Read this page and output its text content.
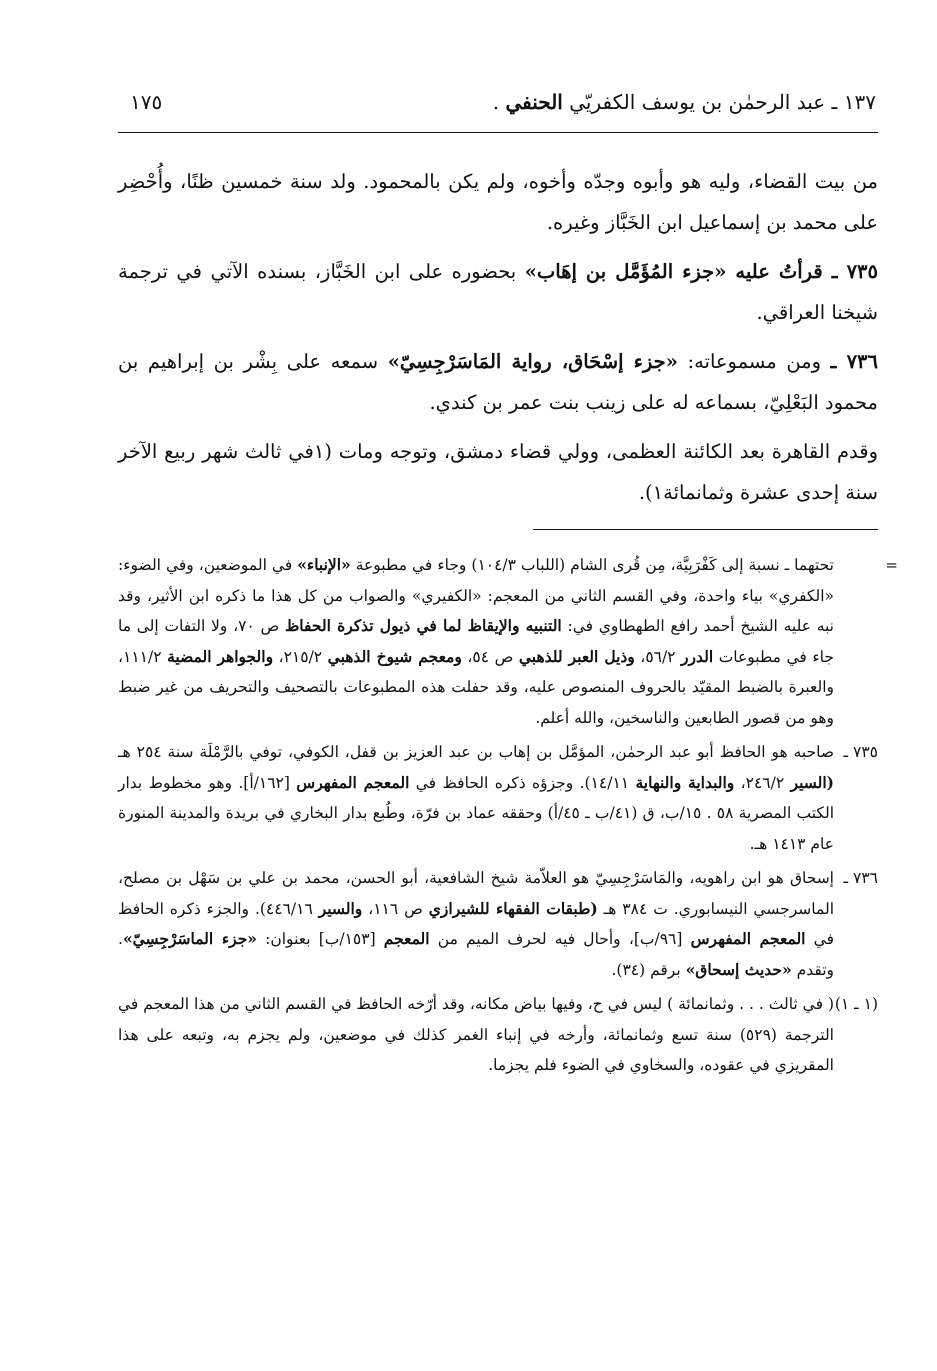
١٣٧ ـ عبد الرحمٰن بن يوسف الكفريّي الحنفي .
١٧٥

من بيت القضاء، وليه هو وأبوه وجدّه وأخوه، ولم يكن بالمحمود. ولد سنة خمسين ظنًا، وأُحْضِر على محمد بن إسماعيل ابن الخَبَّاز وغيره.

٧٣٥ ـ قرأتُ عليه «جزء المُؤَمَّل بن إهَاب» بحضوره على ابن الخَبَّاز، بسنده الآتي في ترجمة شيخنا العراقي.

٧٣٦ ـ ومن مسموعاته: «جزء إسْحَاق، رواية المَاسَرْجِسِيّ» سمعه على بِشْر بن إبراهيم بن محمود البَعْلِيّ، بسماعه له على زينب بنت عمر بن كندي.

وقدم القاهرة بعد الكائنة العظمى، وولي قضاء دمشق، وتوجه ومات (١في ثالث شهر ربيع الآخر سنة إحدى عشرة وثمانمائة١).

=
تحتهما ـ نسبة إلى كَفْرَبِيَّة، مِن قُرى الشام (اللباب ١٠٤/٣) وجاء في مطبوعة «الإنباء» في الموضعين، وفي الضوء: «الكفري» بياء واحدة، وفي القسم الثاني من المعجم: «الكفيري» والصواب من كل هذا ما ذكره ابن الأثير، وقد نبه عليه الشيخ أحمد رافع الطهطاوي في: التنبيه والإيقاظ لما في ذيول تذكرة الحفاظ ص ٧٠، ولا التفات إلى ما جاء في مطبوعات الدرر ٥٦/٢، وذيل العبر للذهبي ص ٥٤، ومعجم شيوخ الذهبي ٢١٥/٢، والجواهر المضية ١١١/٢، والعبرة بالضبط المقيّد بالحروف المنصوص عليه، وقد حفلت هذه المطبوعات بالتصحيف والتحريف من غير ضبط وهو من قصور الطابعين والناسخين، والله أعلم.
٧٣٥ ـ
صاحبه هو الحافظ أبو عبد الرحمٰن، المؤمَّل بن إهاب بن عبد العزيز بن قفل، الكوفي، توفي بالرَّمْلَة سنة ٢٥٤ هـ (السير ٢٤٦/٢، والبداية والنهاية ١٤/١١). وجزؤه ذكره الحافظ في المعجم المفهرس [١٦٢/أ]. وهو مخطوط بدار الكتب المصرية ٥٨ . ١٥/ب، ق (٤١/ب ـ ٤٥/أ) وحققه عماد بن فرّة، وطُبع بدار البخاري في بريدة والمدينة المنورة عام ١٤١٣ هـ.
٧٣٦ ـ
إسحاق هو ابن راهويه، والمَاسَرْجِسِيّ هو العلاّمة شيخ الشافعية، أبو الحسن، محمد بن علي بن سَهْل بن مصلح، الماسرجسي النيسابوري. ت ٣٨٤ هـ (طبقات الفقهاء للشيرازي ص ١١٦، والسير ٤٤٦/١٦). والجزء ذكره الحافظ في المعجم المفهرس [٩٦/ب]، وأحال فيه لحرف الميم من المعجم [١٥٣/ب] بعنوان: «جزء الماسَرْجِسِيّ». وتقدم «حديث إسحاق» برقم (٣٤).
(١ ـ ١)
( في ثالث . . . وثمانمائة ) ليس في ح، وفيها بياض مكانه، وقد أرّخه الحافظ في القسم الثاني من هذا المعجم في الترجمة (٥٢٩) سنة تسع وثمانمائة، وأرخه في إنباء الغمر كذلك في موضعين، ولم يجزم به، وتبعه على هذا المقريزي في عقوده، والسخاوي في الضوء فلم يجزما.
